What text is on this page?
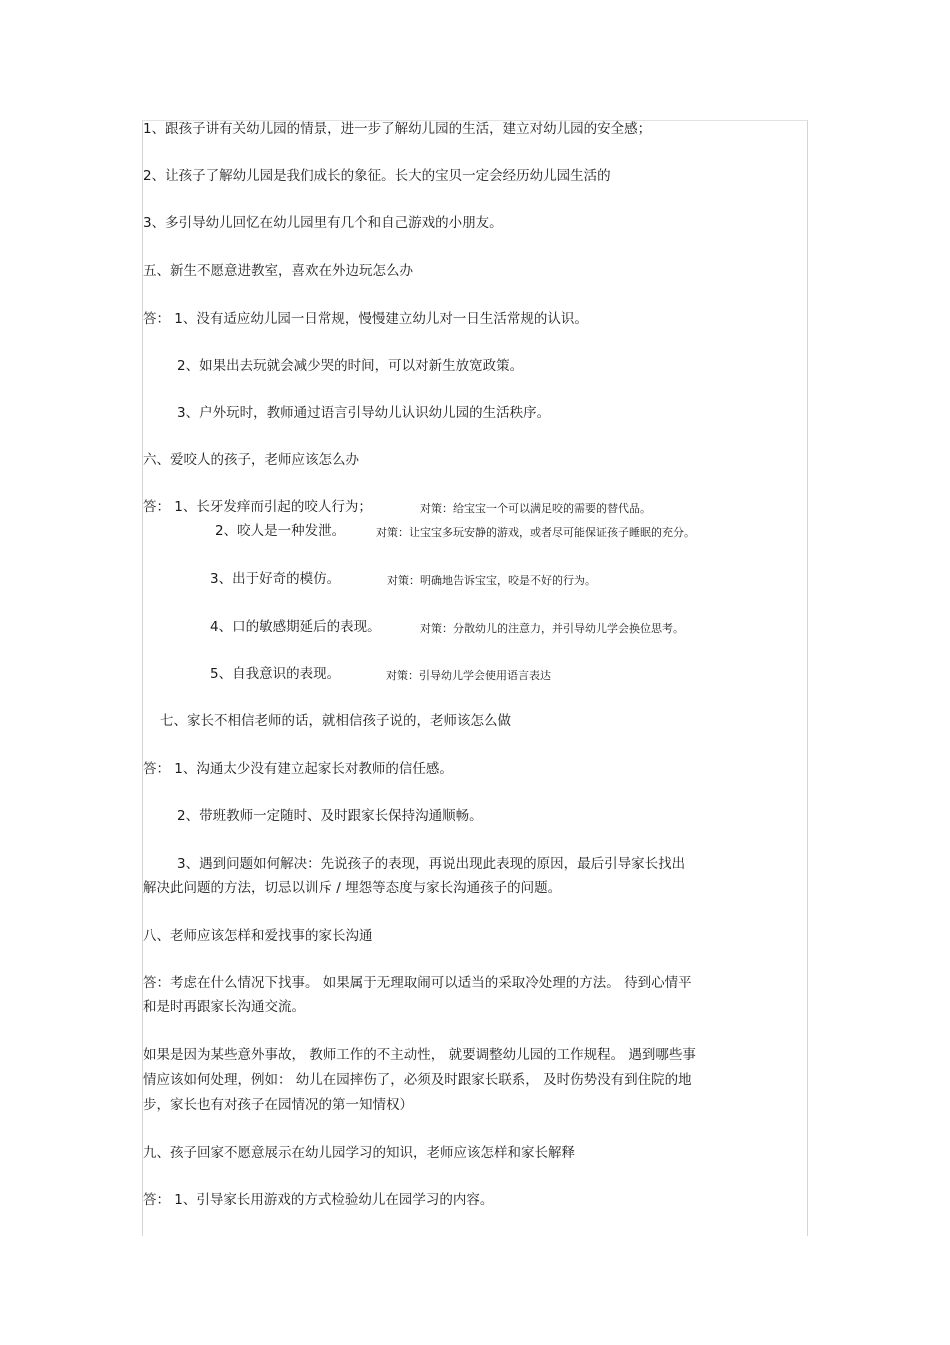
1、跟孩子讲有关幼儿园的情景，进一步了解幼儿园的生活，建立对幼儿园的安全感；
2、让孩子了解幼儿园是我们成长的象征。长大的宝贝一定会经历幼儿园生活的
3、多引导幼儿回忆在幼儿园里有几个和自己游戏的小朋友。
五、新生不愿意进教室，喜欢在外边玩怎么办
答： 1、没有适应幼儿园一日常规，慢慢建立幼儿对一日生活常规的认识。
2、如果出去玩就会减少哭的时间，可以对新生放宽政策。
3、户外玩时，教师通过语言引导幼儿认识幼儿园的生活秩序。
六、爱咬人的孩子，老师应该怎么办
答： 1、长牙发痒而引起的咬人行为；	对策：给宝宝一个可以满足咬的需要的替代品。
2、咬人是一种发泄。	对策：让宝宝多玩安静的游戏，或者尽可能保证孩子睡眠的充分。
3、出于好奇的模仿。	对策：明确地告诉宝宝，咬是不好的行为。
4、口的敏感期延后的表现。	对策：分散幼儿的注意力，并引导幼儿学会换位思考。
5、自我意识的表现。	对策：引导幼儿学会使用语言表达
七、家长不相信老师的话，就相信孩子说的，老师该怎么做
答： 1、沟通太少没有建立起家长对教师的信任感。
2、带班教师一定随时、及时跟家长保持沟通顺畅。
3、遇到问题如何解决：先说孩子的表现，再说出现此表现的原因，最后引导家长找出
解决此问题的方法，切忌以训斥 / 埋怨等态度与家长沟通孩子的问题。
八、老师应该怎样和爱找事的家长沟通
答：考虑在什么情况下找事。 如果属于无理取闹可以适当的采取冷处理的方法。 待到心情平
和是时再跟家长沟通交流。
如果是因为某些意外事故， 教师工作的不主动性， 就要调整幼儿园的工作规程。 遇到哪些事
情应该如何处理，例如： 幼儿在园摔伤了，必须及时跟家长联系， 及时伤势没有到住院的地
步，家长也有对孩子在园情况的第一知情权）
九、孩子回家不愿意展示在幼儿园学习的知识，老师应该怎样和家长解释
答： 1、引导家长用游戏的方式检验幼儿在园学习的内容。
